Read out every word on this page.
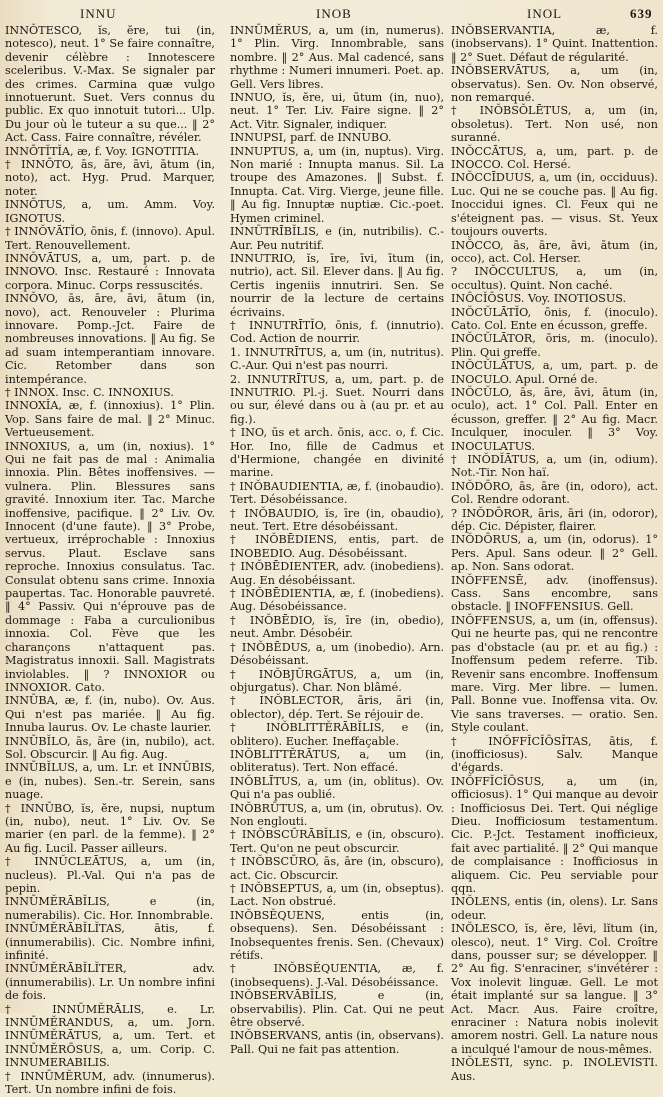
INNU	INOB	INOL	639

INNŎTESCO, ĭs, ĕre, tui (in, notesco), neut. 1° Se faire connaître, devenir célèbre : Innotescere sceleribus. V.-Max. Se signaler par des crimes. Carmina quæ vulgo innotuerunt. Suet. Vers connus du public. Ex quo innotuit tutori... Ulp. Du jour où le tuteur a su que... ‖ 2° Act. Cass. Faire connaître, révéler.

INNŌTĬTĬA, æ, f. Voy. IGNOTITIA.

† INNŌTO, ās, āre, āvi, ātum (in, noto), act. Hyg. Prud. Marquer, noter.

INNŌTUS, a, um. Amm. Voy. IGNOTUS.

† INNŎVĀTĬO, ōnis, f. (innovo). Apul. Tert. Renouvellement.

INNŎVĀTUS, a, um, part. p. de INNOVO. Insc. Restauré : Innovata corpora. Minuc. Corps ressuscités.

INNŎVO, ās, āre, āvi, ātum (in, novo), act. Renouveler : Plurima innovare. Pomp.-Jct. Faire de nombreuses innovations. ‖ Au fig. Se ad suam intemperantiam innovare. Cic. Retomber dans son intempérance.

† INNOX. Insc. C. INNOXIUS.

INNOXĬA, æ, f. (innoxius). 1° Plin. Vop. Sans faire de mal. ‖ 2° Minuc. Vertueusement.

INNOXIUS, a, um (in, noxius). 1° Qui ne fait pas de mal : Animalia innoxia. Plin. Bêtes inoffensives. — vulnera. Plin. Blessures sans gravité. Innoxium iter. Tac. Marche inoffensive, pacifique. ‖ 2° Liv. Ov. Innocent (d'une faute). ‖ 3° Probe, vertueux, irréprochable : Innoxius servus. Plaut. Esclave sans reproche. Innoxius consulatus. Tac. Consulat obtenu sans crime. Innoxia paupertas. Tac. Honorable pauvreté. ‖ 4° Passiv. Qui n'éprouve pas de dommage : Faba a curculionibus innoxia. Col. Fève que les charançons n'attaquent pas. Magistratus innoxii. Sall. Magistrats inviolables. ‖ ? INNOXIOR ou INNOXIOR. Cato.

INNŪBA, æ, f. (in, nubo). Ov. Aus. Qui n'est pas mariée. ‖ Au fig. Innuba laurus. Ov. Le chaste laurier.

INNŪBĬLO, ās, āre (in, nubilo), act. Sol. Obscurcir. ‖ Au fig. Aug.

INNŪBĬLUS, a, um. Lr. et INNŪBIS, e (in, nubes). Sen.-tr. Serein, sans nuage.

† INNŪBO, ĭs, ĕre, nupsi, nuptum (in, nubo), neut. 1° Liv. Ov. Se marier (en parl. de la femme). ‖ 2° Au fig. Lucil. Passer ailleurs.

† INNŬCLEĀTUS, a, um (in, nucleus). Pl.-Val. Qui n'a pas de pepin.

INNŪMĔRĀBĬLIS, e (in, numerabilis). Cic. Hor. Innombrable.

INNŪMĔRĀBĬLĬTAS, ātis, f. (innumerabilis). Cic. Nombre infini, infinité.

INNŪMĔRĀBĬLĬTER, adv. (innumerabilis). Lr. Un nombre infini de fois.

† INNŪMĔRĀLIS, e. Lr. INNŪMĔRANDUS, a, um. Jorn. INNŪMĔRĀTUS, a, um. Tert. et INNŪMĔRŌSUS, a, um. Corip. C. INNUMERABILIS.

† INNŪMĔRUM, adv. (innumerus). Tert. Un nombre infini de fois.

INNŪMĔRUS, a, um (in, numerus). 1° Plin. Virg. Innombrable, sans nombre. ‖ 2° Aus. Mal cadencé, sans rhythme : Numeri innumeri. Poet. ap. Gell. Vers libres.

INNUO, ĭs, ĕre, ui, ūtum (in, nuo), neut. 1° Ter. Liv. Faire signe. ‖ 2° Act. Vitr. Signaler, indiquer.

INNUPSI, parf. de INNUBO.

INNUPTUS, a, um (in, nuptus). Virg. Non marié : Innupta manus. Sil. La troupe des Amazones. ‖ Subst. f. Innupta. Cat. Virg. Vierge, jeune fille. ‖ Au fig. Innuptæ nuptiæ. Cic.-poet. Hymen criminel.

INNŪTRĪBĬLIS, e (in, nutribilis). C.-Aur. Peu nutritif.

INNUTRIO, ĭs, īre, īvi, ītum (in, nutrio), act. Sil. Elever dans. ‖ Au fig. Certis ingeniis innutriri. Sen. Se nourrir de la lecture de certains écrivains.

† INNUTRĪTĬO, ōnis, f. (innutrio). Cod. Action de nourrir.

1. INNUTRĪTUS, a, um (in, nutritus). C.-Aur. Qui n'est pas nourri.

2. INNUTRĪTUS, a, um, part. p. de INNUTRIO. Pl.-j. Suet. Nourri dans ou sur, élevé dans ou à (au pr. et au fig.).

† INO, ūs et arch. ōnis, acc. o, f. Cic. Hor. Ino, fille de Cadmus et d'Hermione, changée en divinité marine.

† INŎBAUDIENTIA, æ, f. (inobaudio). Tert. Désobéissance.

† INŎBAUDIO, ĭs, īre (in, obaudio), neut. Tert. Etre désobéissant.

† INŎBĒDIENS, entis, part. de INOBEDIO. Aug. Désobéissant.

† INŎBĒDIENTER, adv. (inobediens). Aug. En désobéissant.

† INŎBĒDIENTIA, æ, f. (inobediens). Aug. Désobéissance.

† INŎBĒDIO, ĭs, īre (in, obedio), neut. Ambr. Désobéir.

† INŎBĒDUS, a, um (inobedio). Arn. Désobéissant.

† INŎBJŪRGĀTUS, a, um (in, objurgatus). Char. Non blâmé.

† INŎBLECTOR, āris, āri (in, oblector), dép. Tert. Se réjouir de.

† INŎBLITTĔRĀBĬLIS, e (in, oblitero). Eucher. Ineffaçable.

INŎBLITTĔRĀTUS, a, um (in, obliteratus). Tert. Non effacé.

INŎBLĪTUS, a, um (in, oblitus). Ov. Qui n'a pas oublié.

INŎBRŪTUS, a, um (in, obrutus). Ov. Non englouti.

† INŎBSCŪRĀBĬLIS, e (in, obscuro). Tert. Qu'on ne peut obscurcir.

† INŎBSCŪRO, ās, āre (in, obscuro), act. Cic. Obscurcir.

† INŎBSEPTUS, a, um (in, obseptus). Lact. Non obstrué.

INŎBSĔQUENS, entis (in, obsequens). Sen. Désobéissant : Inobsequentes frenis. Sen. (Chevaux) rétifs.

† INŎBSĔQUENTIA, æ, f. (inobsequens). J.-Val. Désobéissance.

INŎBSERVĀBĬLIS, e (in, observabilis). Plin. Cat. Qui ne peut être observé.

INŎBSERVANS, antis (in, observans). Pall. Qui ne fait pas attention.

INŎBSERVANTIA, æ, f. (inobservans). 1° Quint. Inattention. ‖ 2° Suet. Défaut de régularité.

INŎBSERVĀTUS, a, um (in, observatus). Sen. Ov. Non observé, non remarqué.

† INŎBSŎLĒTUS, a, um (in, obsoletus). Tert. Non usé, non suranné.

INŎCCĀTUS, a, um, part. p. de INOCCO. Col. Hersé.

INŎCCĪDUUS, a, um (in, occiduus). Luc. Qui ne se couche pas. ‖ Au fig. Inoccidui ignes. Cl. Feux qui ne s'éteignent pas. — visus. St. Yeux toujours ouverts.

INŎCCO, ās, āre, āvi, ātum (in, occo), act. Col. Herser.

? INŎCCULTUS, a, um (in, occultus). Quint. Non caché.

INŌCĬŌSUS. Voy. INOTIOSUS.

INŎCŬLĀTĬO, ōnis, f. (inoculo). Cato. Col. Ente en écusson, greffe.

INŎCŬLĀTOR, ōris, m. (inoculo). Plin. Qui greffe.

INŎCŬLĀTUS, a, um, part. p. de INOCULO. Apul. Orné de.

INŎCŬLO, ās, āre, āvi, ātum (in, oculo), act. 1° Col. Pall. Enter en écusson, greffer. ‖ 2° Au fig. Macr. Inculquer, inoculer. ‖ 3° Voy. INOCULATUS.

† INŎDĬĀTUS, a, um (in, odium). Not.-Tir. Non haï.

INŎDŌRO, ās, āre (in, odoro), act. Col. Rendre odorant.

? INŎDŌROR, āris, āri (in, odoror), dép. Cic. Dépister, flairer.

INŎDŌRUS, a, um (in, odorus). 1° Pers. Apul. Sans odeur. ‖ 2° Gell. ap. Non. Sans odorat.

INŎFFENSĒ, adv. (inoffensus). Cass. Sans encombre, sans obstacle. ‖ INOFFENSIUS. Gell.

INŎFFENSUS, a, um (in, offensus). Qui ne heurte pas, qui ne rencontre pas d'obstacle (au pr. et au fig.) : Inoffensum pedem referre. Tib. Revenir sans encombre. Inoffensum mare. Virg. Mer libre. — lumen. Pall. Bonne vue. Inoffensa vita. Ov. Vie sans traverses. — oratio. Sen. Style coulant.

† INŎFFĬCĬŌSĬTAS, ātis, f. (inofficiosus). Salv. Manque d'égards.

INŎFFĬCĬŌSUS, a, um (in, officiosus). 1° Qui manque au devoir : Inofficiosus Dei. Tert. Qui néglige Dieu. Inofficiosum testamentum. Cic. P.-Jct. Testament inofficieux, fait avec partialité. ‖ 2° Qui manque de complaisance : Inofficiosus in aliquem. Cic. Peu serviable pour qqn.

INŎLENS, entis (in, olens). Lr. Sans odeur.

INŎLESCO, ĭs, ĕre, lēvi, lĭtum (in, olesco), neut. 1° Virg. Col. Croître dans, pousser sur; se développer. ‖ 2° Au fig. S'enraciner, s'invétérer : Vox inolevit linguæ. Gell. Le mot était implanté sur sa langue. ‖ 3° Act. Macr. Aus. Faire croître, enraciner : Natura nobis inolevit amorem nostri. Gell. La nature nous a inculqué l'amour de nous-mêmes.

INŎLESTI, sync. p. INOLEVISTI. Aus.
